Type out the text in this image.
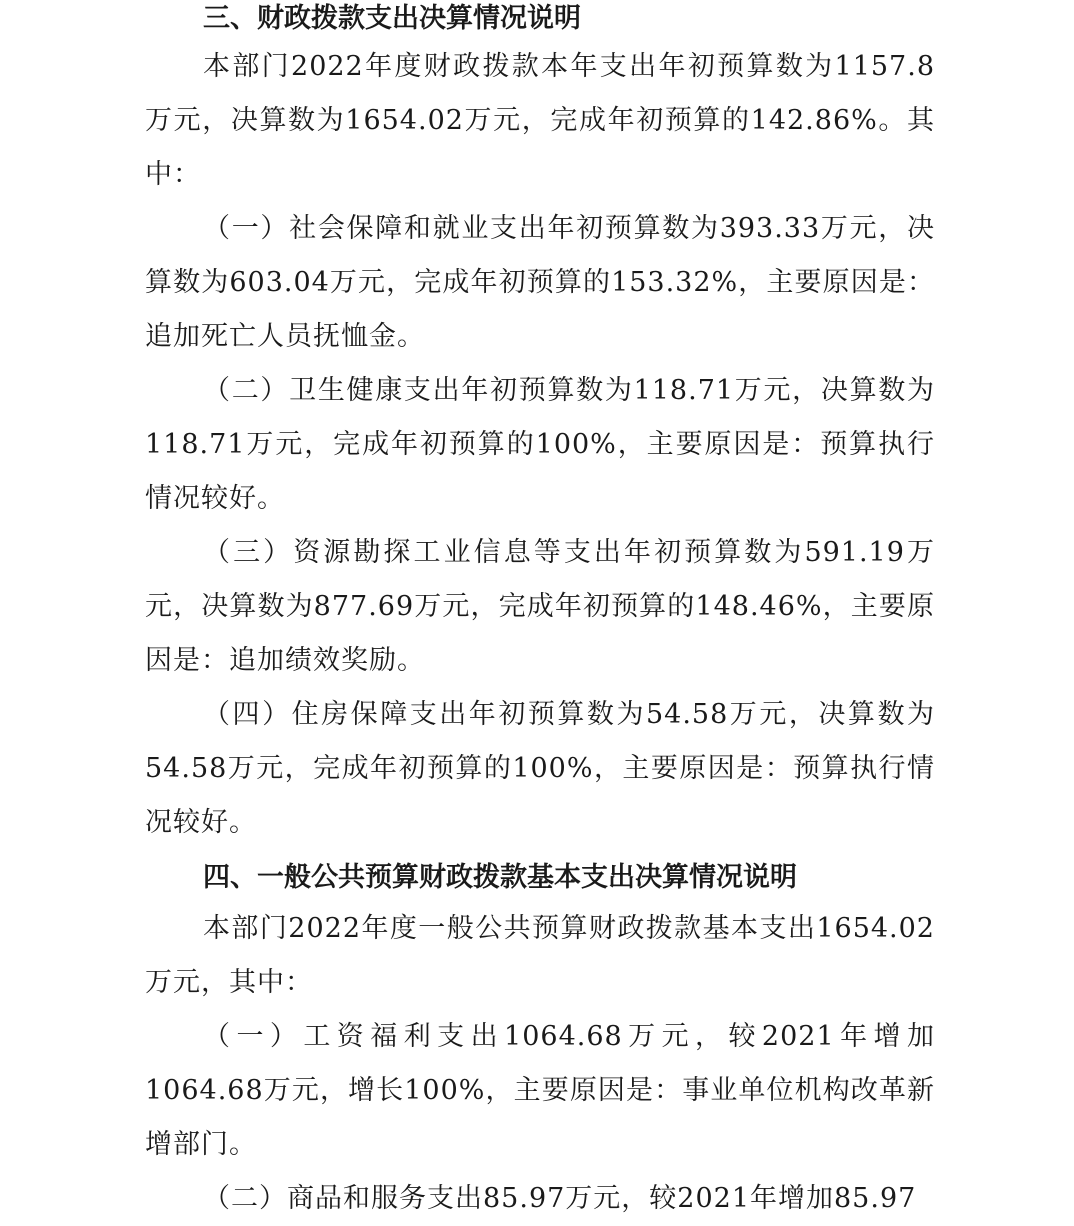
三、财政拨款支出决算情况说明

本部门2022年度财政拨款本年支出年初预算数为1157.8万元，决算数为1654.02万元，完成年初预算的142.86%。其中：

（一）社会保障和就业支出年初预算数为393.33万元，决算数为603.04万元，完成年初预算的153.32%，主要原因是：追加死亡人员抚恤金。

（二）卫生健康支出年初预算数为118.71万元，决算数为118.71万元，完成年初预算的100%，主要原因是：预算执行情况较好。

（三）资源勘探工业信息等支出年初预算数为591.19万元，决算数为877.69万元，完成年初预算的148.46%，主要原因是：追加绩效奖励。

（四）住房保障支出年初预算数为54.58万元，决算数为54.58万元，完成年初预算的100%，主要原因是：预算执行情况较好。

四、一般公共预算财政拨款基本支出决算情况说明

本部门2022年度一般公共预算财政拨款基本支出1654.02万元，其中：

（一）工资福利支出1064.68万元，较2021年增加1064.68万元，增长100%，主要原因是：事业单位机构改革新增部门。

（二）商品和服务支出85.97万元，较2021年增加85.97
